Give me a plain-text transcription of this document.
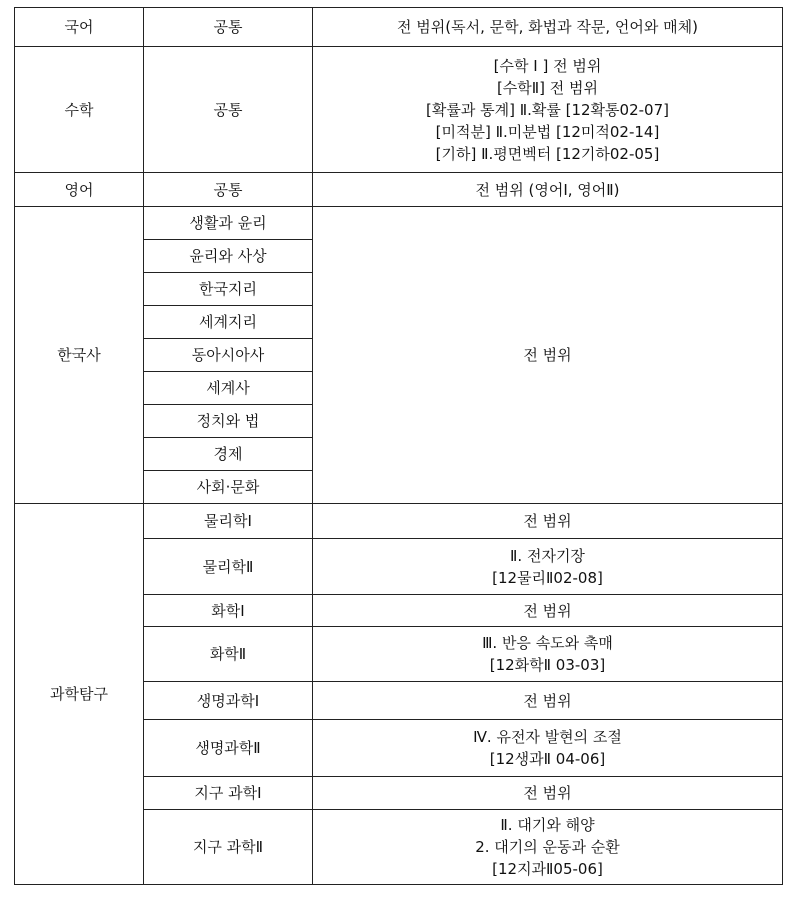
국어	공통	전 범위(독서, 문학, 화법과 작문, 언어와 매체)

수학	공통	[수학 I ] 전 범위
[수학Ⅱ] 전 범위
[확률과 통계] Ⅱ.확률 [12확통02-07]
[미적분] Ⅱ.미분법 [12미적02-14]
[기하] Ⅱ.평면벡터 [12기하02-05]

영어	공통	전 범위 (영어Ⅰ, 영어Ⅱ)

한국사	생활과 윤리	전 범위
	윤리와 사상	
	한국지리	
	세계지리	
	동아시아사	
	세계사	
	정치와 법	
	경제	
	사회·문화	
과학탐구	물리학I	전 범위

	물리학Ⅱ	Ⅱ. 전자기장
[12물리Ⅱ02-08]

	화학I	전 범위

	화학Ⅱ	Ⅲ. 반응 속도와 촉매
[12화학Ⅱ 03-03]

	생명과학I	전 범위

	생명과학Ⅱ	Ⅳ. 유전자 발현의 조절
[12생과Ⅱ 04-06]

	지구 과학I	전 범위

	지구 과학Ⅱ	Ⅱ. 대기와 해양
2. 대기의 운동과 순환
[12지과Ⅱ05-06]
